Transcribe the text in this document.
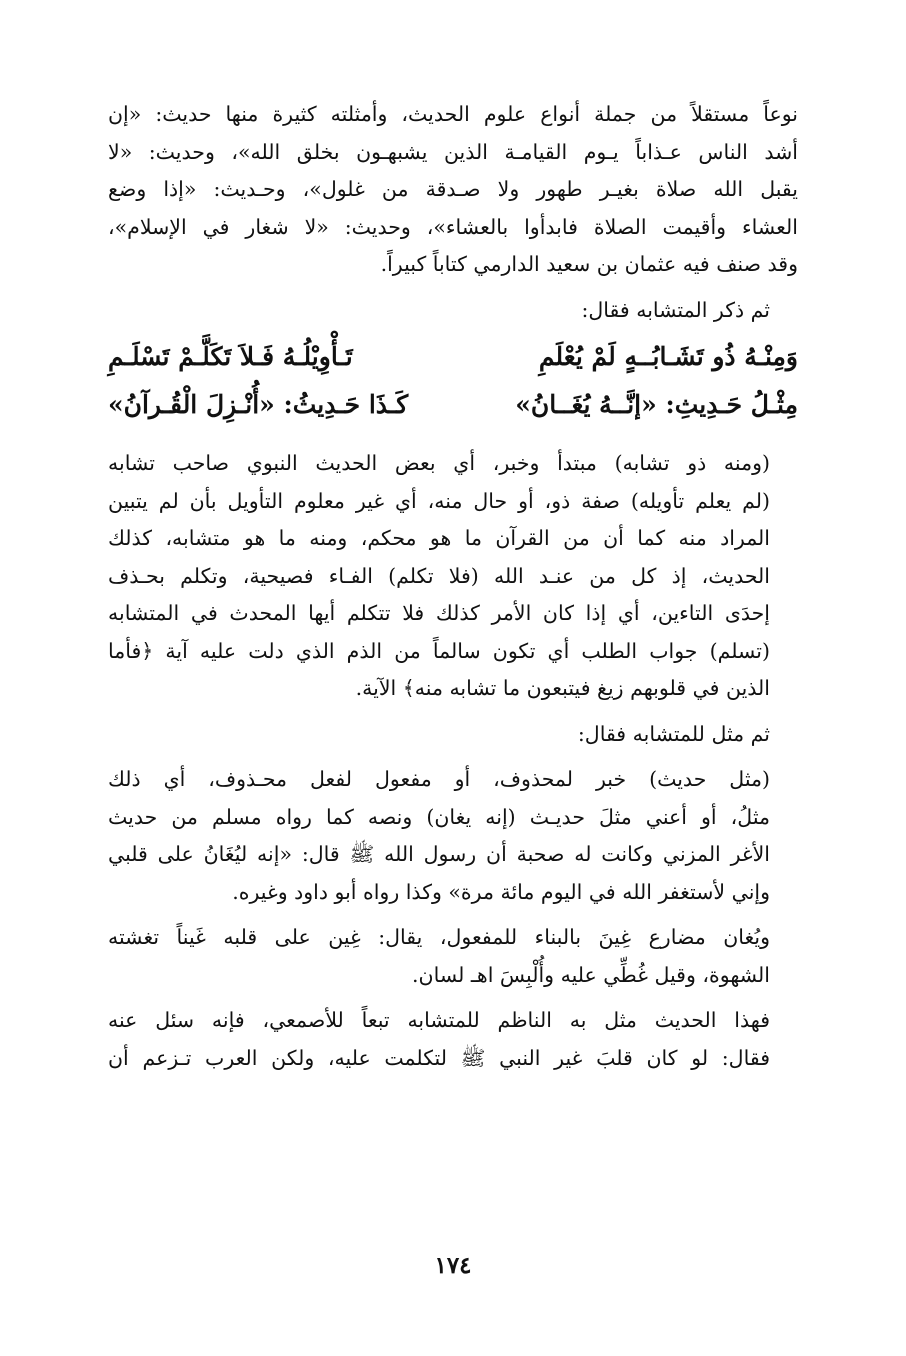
نوعاً مستقلاً من جملة أنواع علوم الحديث، وأمثلته كثيرة منها حديث: «إن
أشد الناس عـذاباً يـوم القيامـة الذين يشبهـون بخلق الله»، وحديث: «لا
يقبل الله صلاة بغيـر طهور ولا صـدقة من غلول»، وحـديث: «إذا وضع
العشاء وأقيمت الصلاة فابدأوا بالعشاء»، وحديث: «لا شغار في الإسلام»،
وقد صنف فيه عثمان بن سعيد الدارمي كتاباً كبيراً.

ثم ذكر المتشابه فقال:

وَمِنْـهُ ذُو تَشَـابُــهٍ لَمْ يُعْلَمِ
تَـأْوِيْلُـهُ فَـلاَ تَكَلَّـمْ تَسْلَـمِ
مِثْـلُ حَـدِيثِ: «إنَّــهُ يُغَــانُ»
كَـذَا حَـدِيثُ: «أُنْـزِلَ الْقُـرآنُ»

(ومنه ذو تشابه) مبتدأ وخبر، أي بعض الحديث النبوي صاحب تشابه
(لم يعلم تأويله) صفة ذو، أو حال منه، أي غير معلوم التأويل بأن لم يتبين
المراد منه كما أن من القرآن ما هو محكم، ومنه ما هو متشابه، كذلك
الحديث، إذ كل من عنـد الله (فلا تكلم) الفـاء فصيحية، وتكلم بحـذف
إحدَى التاءين، أي إذا كان الأمر كذلك فلا تتكلم أيها المحدث في المتشابه
(تسلم) جواب الطلب أي تكون سالماً من الذم الذي دلت عليه آية ﴿فأما
الذين في قلوبهم زيغ فيتبعون ما تشابه منه﴾ الآية.

ثم مثل للمتشابه فقال:

(مثل حديث) خبر لمحذوف، أو مفعول لفعل محـذوف، أي ذلك
مثلُ، أو أعني مثلَ حديـث (إنه يغان) ونصه كما رواه مسلم من حديث
الأغر المزني وكانت له صحبة أن رسول الله ﷺ قال: «إنه ليُغَانُ على قلبي
وإني لأستغفر الله في اليوم مائة مرة» وكذا رواه أبو داود وغيره.

ويُغان مضارع غِينَ بالبناء للمفعول، يقال: غِين على قلبه غَيناً تغشته
الشهوة، وقيل غُطِّي عليه وأُلْبِسَ اهـ لسان.

فهذا الحديث مثل به الناظم للمتشابه تبعاً للأصمعي، فإنه سئل عنه
فقال: لو كان قلبَ غير النبي ﷺ لتكلمت عليه، ولكن العرب تـزعم أن

١٧٤
